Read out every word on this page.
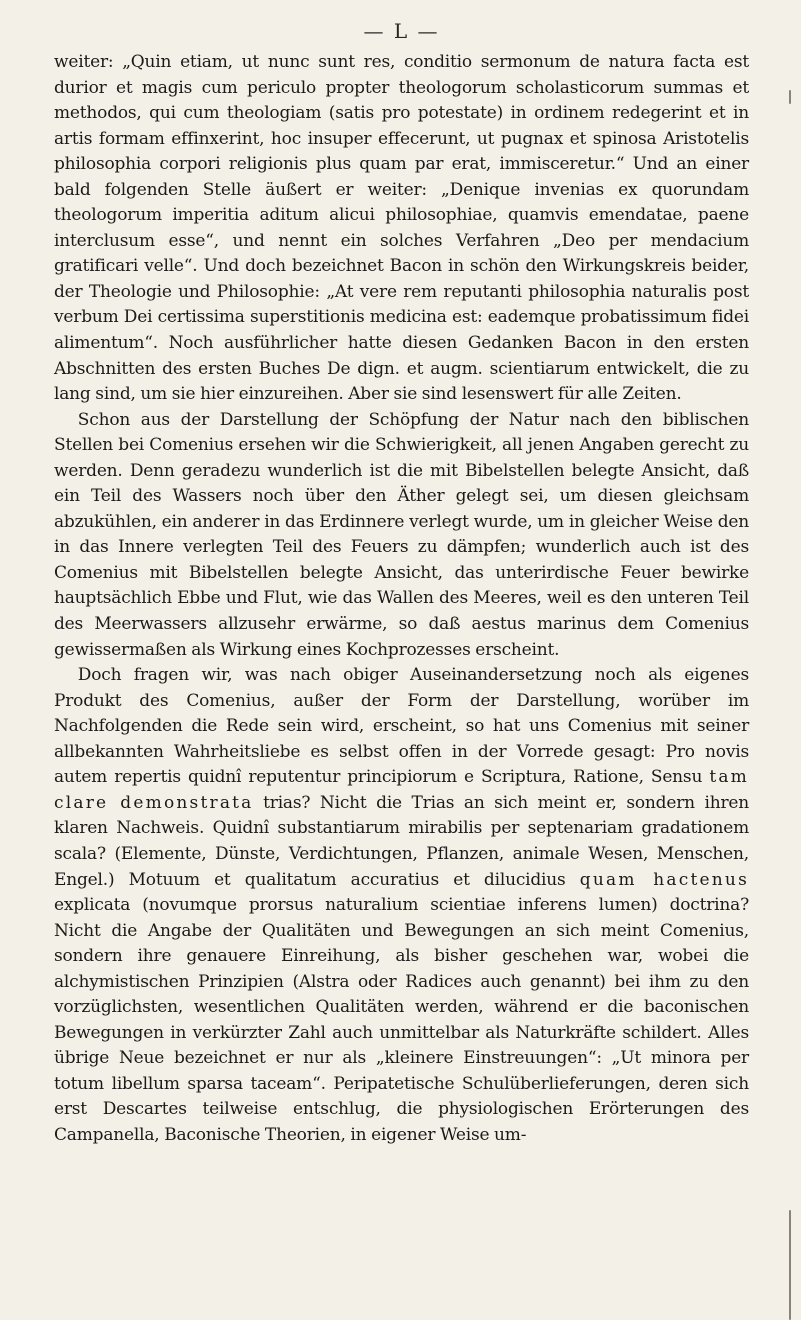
— L —

weiter: „Quin etiam, ut nunc sunt res, conditio sermonum de natura facta est durior et magis cum periculo propter theologorum scholasticorum summas et methodos, qui cum theologiam (satis pro potestate) in ordinem redegerint et in artis formam effinxerint, hoc insuper effecerunt, ut pugnax et spinosa Aristotelis philosophia corpori religionis plus quam par erat, immisceretur.“ Und an einer bald folgenden Stelle äußert er weiter: „Denique invenias ex quorundam theologorum imperitia aditum alicui philosophiae, quamvis emendatae, paene interclusum esse“, und nennt ein solches Verfahren „Deo per mendacium gratificari velle“. Und doch bezeichnet Bacon in schön den Wirkungskreis beider, der Theologie und Philosophie: „At vere rem reputanti philosophia naturalis post verbum Dei certissima superstitionis medicina est: eademque probatissimum fidei alimentum“. Noch ausführlicher hatte diesen Gedanken Bacon in den ersten Abschnitten des ersten Buches De dign. et augm. scientiarum entwickelt, die zu lang sind, um sie hier einzureihen. Aber sie sind lesenswert für alle Zeiten.

Schon aus der Darstellung der Schöpfung der Natur nach den biblischen Stellen bei Comenius ersehen wir die Schwierigkeit, all jenen Angaben gerecht zu werden. Denn geradezu wunderlich ist die mit Bibelstellen belegte Ansicht, daß ein Teil des Wassers noch über den Äther gelegt sei, um diesen gleichsam abzukühlen, ein anderer in das Erdinnere verlegt wurde, um in gleicher Weise den in das Innere verlegten Teil des Feuers zu dämpfen; wunderlich auch ist des Comenius mit Bibelstellen belegte Ansicht, das unterirdische Feuer bewirke hauptsächlich Ebbe und Flut, wie das Wallen des Meeres, weil es den unteren Teil des Meerwassers allzusehr erwärme, so daß aestus marinus dem Comenius gewissermaßen als Wirkung eines Kochprozesses erscheint.

Doch fragen wir, was nach obiger Auseinandersetzung noch als eigenes Produkt des Comenius, außer der Form der Darstellung, worüber im Nachfolgenden die Rede sein wird, erscheint, so hat uns Comenius mit seiner allbekannten Wahrheitsliebe es selbst offen in der Vorrede gesagt: Pro novis autem repertis quidnî reputentur principiorum e Scriptura, Ratione, Sensu tam clare demonstrata trias? Nicht die Trias an sich meint er, sondern ihren klaren Nachweis. Quidnî substantiarum mirabilis per septenariam gradationem scala? (Elemente, Dünste, Verdichtungen, Pflanzen, animale Wesen, Menschen, Engel.) Motuum et qualitatum accuratius et dilucidius quam hactenus explicata (novumque prorsus naturalium scientiae inferens lumen) doctrina? Nicht die Angabe der Qualitäten und Bewegungen an sich meint Comenius, sondern ihre genauere Einreihung, als bisher geschehen war, wobei die alchymistischen Prinzipien (Alstra oder Radices auch genannt) bei ihm zu den vorzüglichsten, wesentlichen Qualitäten werden, während er die baconischen Bewegungen in verkürzter Zahl auch unmittelbar als Naturkräfte schildert. Alles übrige Neue bezeichnet er nur als „kleinere Einstreuungen“: „Ut minora per totum libellum sparsa taceam“. Peripatetische Schulüberlieferungen, deren sich erst Descartes teilweise entschlug, die physiologischen Erörterungen des Campanella, Baconische Theorien, in eigener Weise um-
